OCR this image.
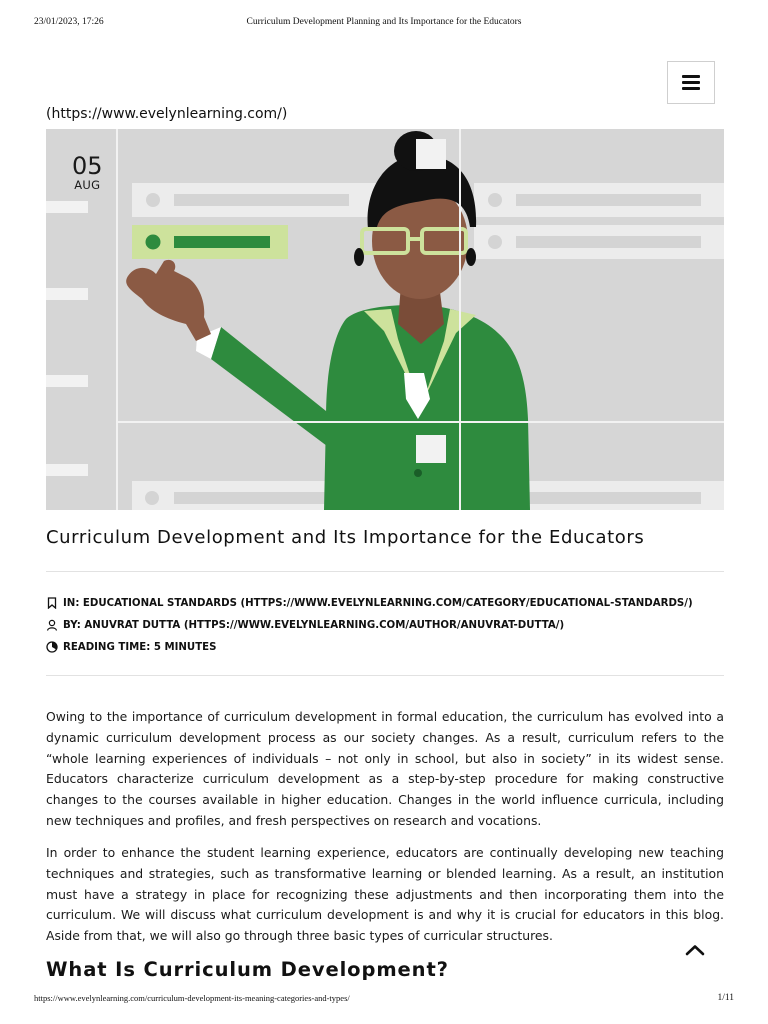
23/01/2023, 17:26	Curriculum Development Planning and Its Importance for the Educators
(https://www.evelynlearning.com/)
05
AUG
Curriculum Development and Its Importance for the Educators
IN: EDUCATIONAL STANDARDS (HTTPS://WWW.EVELYNLEARNING.COM/CATEGORY/EDUCATIONAL-STANDARDS/)
BY: ANUVRAT DUTTA (HTTPS://WWW.EVELYNLEARNING.COM/AUTHOR/ANUVRAT-DUTTA/)
READING TIME: 5 MINUTES

Owing to the importance of curriculum development in formal education, the curriculum has evolved into a dynamic curriculum development process as our society changes. As a result, curriculum refers to the “whole learning experiences of individuals – not only in school, but also in society” in its widest sense. Educators characterize curriculum development as a step-by-step procedure for making constructive changes to the courses available in higher education. Changes in the world influence curricula, including new techniques and profiles, and fresh perspectives on research and vocations.

In order to enhance the student learning experience, educators are continually developing new teaching techniques and strategies, such as transformative learning or blended learning. As a result, an institution must have a strategy in place for recognizing these adjustments and then incorporating them into the curriculum. We will discuss what curriculum development is and why it is crucial for educators in this blog. Aside from that, we will also go through three basic types of curricular structures.

What Is Curriculum Development?
https://www.evelynlearning.com/curriculum-development-its-meaning-categories-and-types/	1/11
